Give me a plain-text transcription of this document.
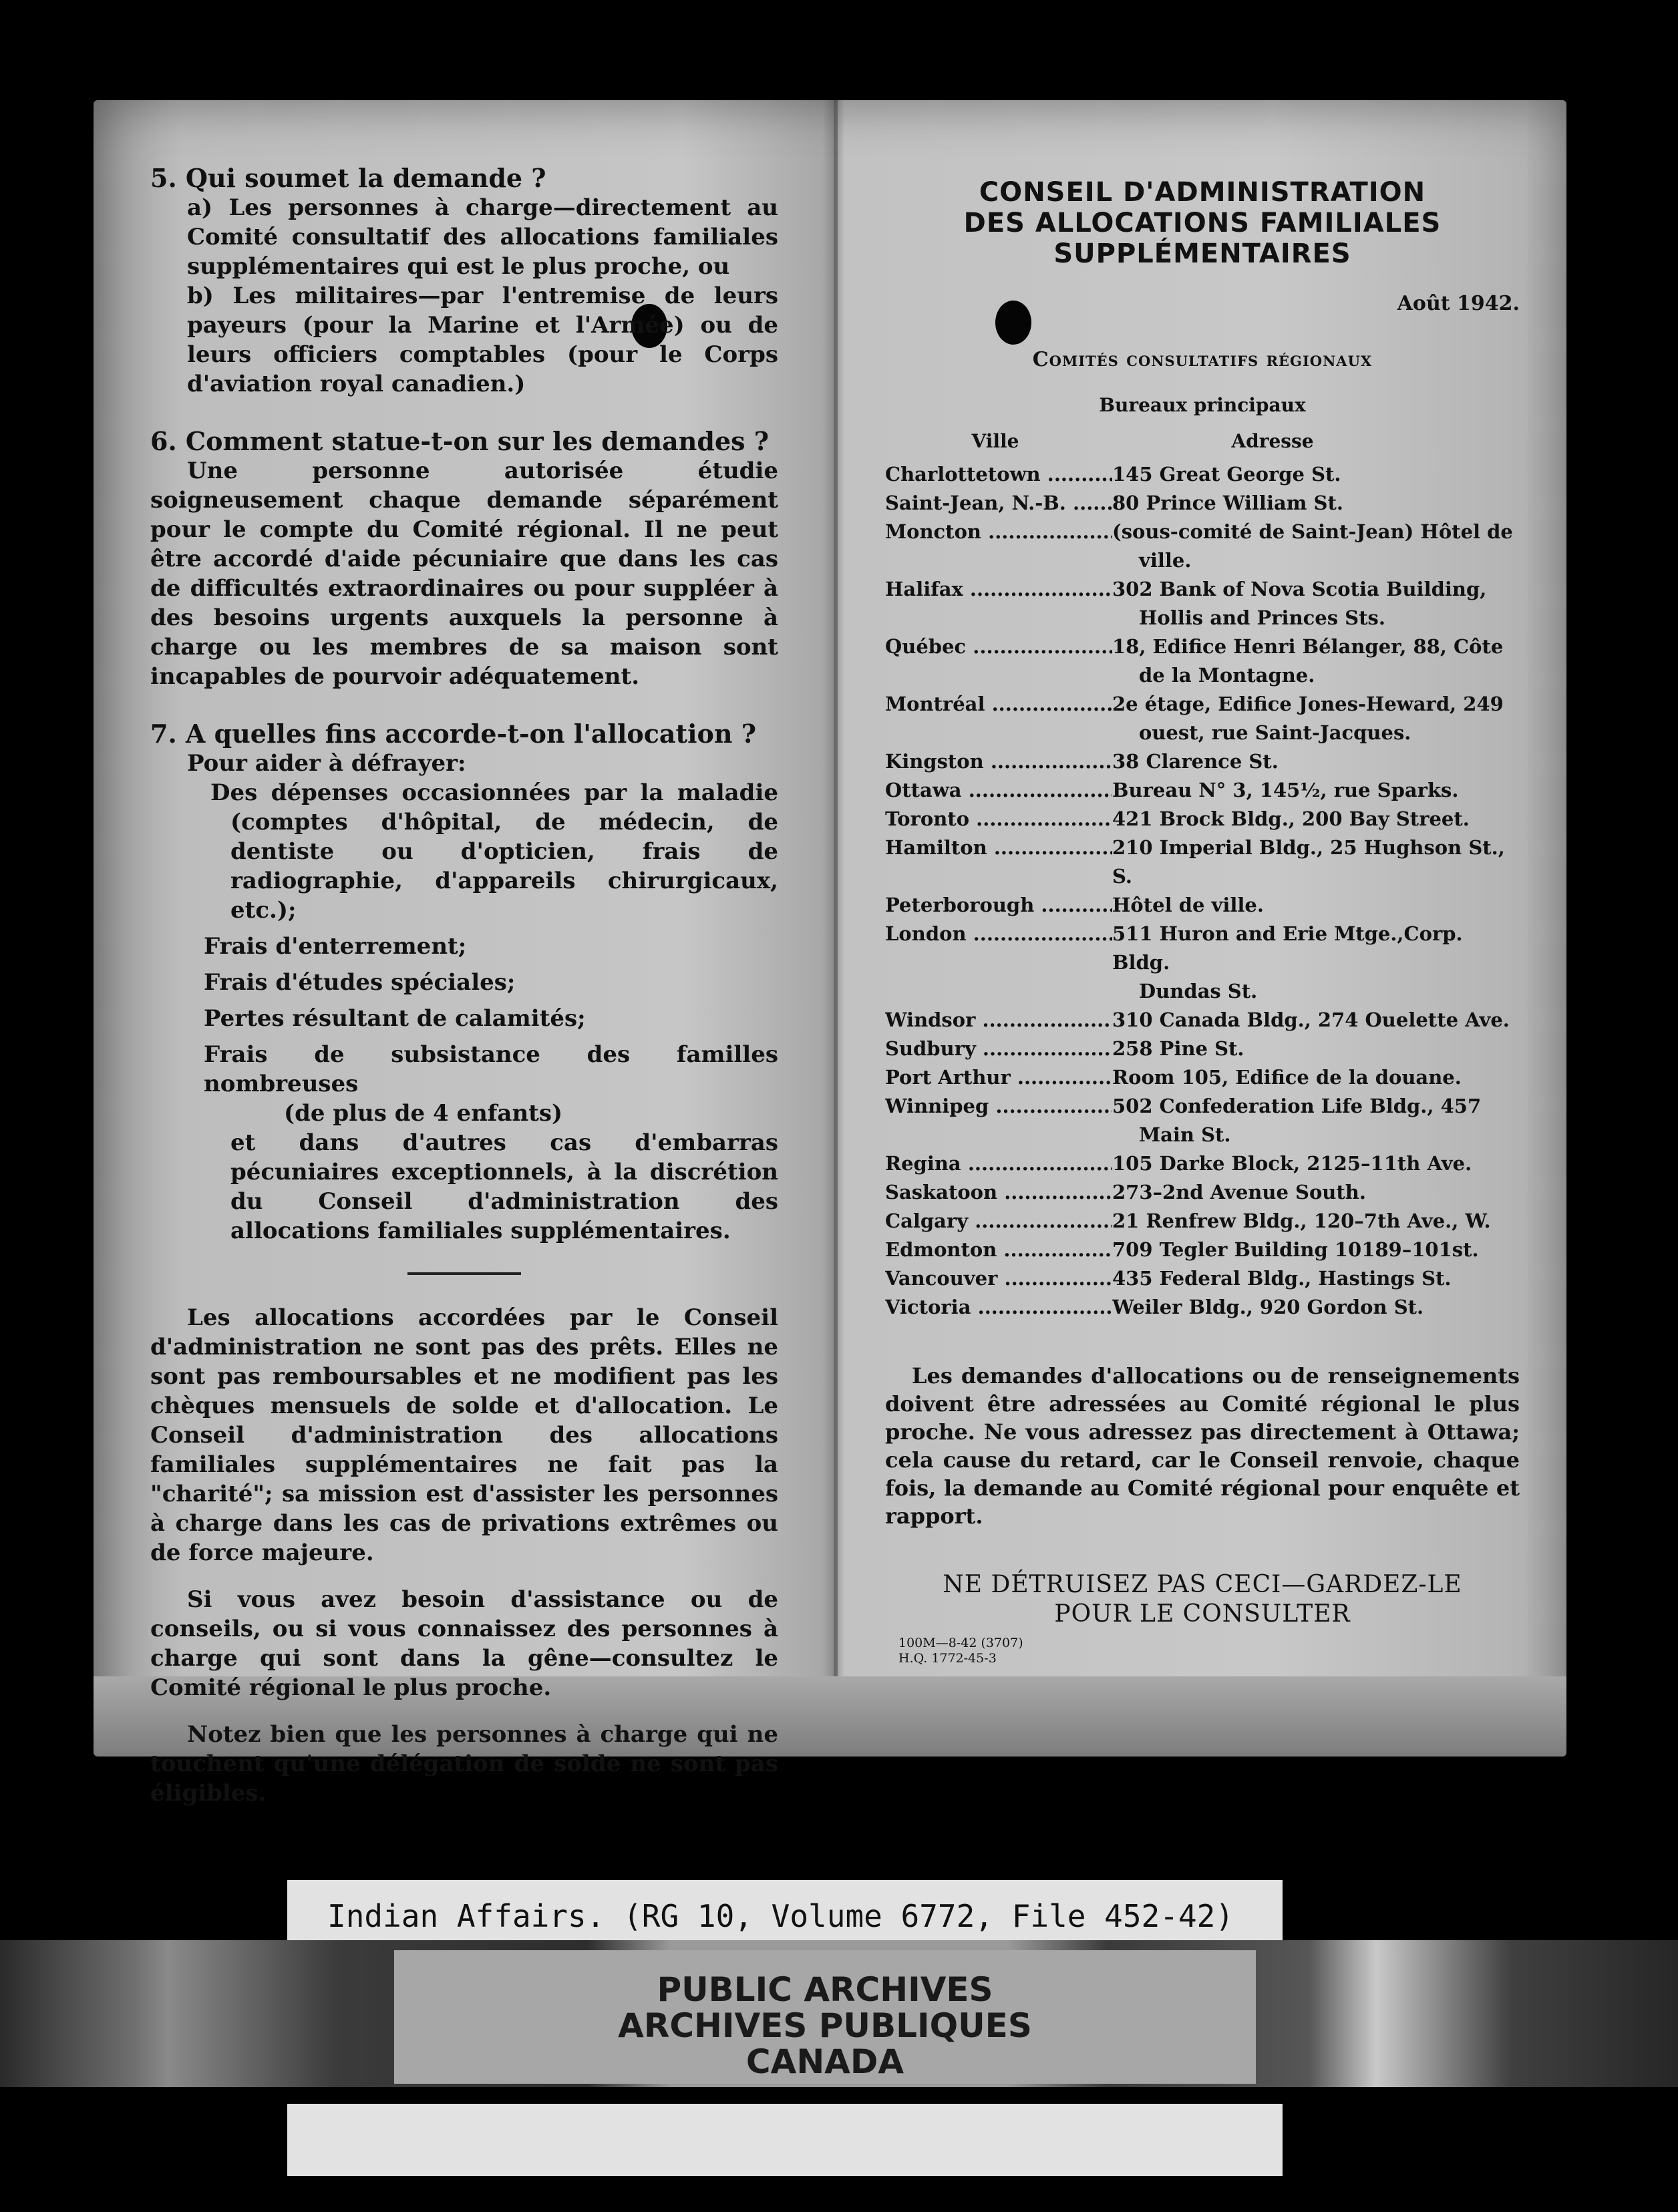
5. Qui soumet la demande ?

a) Les personnes à charge—directement au Comité consultatif des allocations familiales supplémentaires qui est le plus proche, ou

b) Les militaires—par l'entremise de leurs payeurs (pour la Marine et l'Armée) ou de leurs officiers comptables (pour le Corps d'aviation royal canadien.)

6. Comment statue-t-on sur les demandes ?

Une personne autorisée étudie soigneusement chaque demande séparément pour le compte du Comité régional. Il ne peut être accordé d'aide pécuniaire que dans les cas de difficultés extraordinaires ou pour suppléer à des besoins urgents auxquels la personne à charge ou les membres de sa maison sont incapables de pourvoir adéquatement.

7. A quelles fins accorde-t-on l'allocation ?

Pour aider à défrayer:

Des dépenses occasionnées par la maladie (comptes d'hôpital, de médecin, de dentiste ou d'opticien, frais de radiographie, d'appareils chirurgicaux, etc.);

Frais d'enterrement;

Frais d'études spéciales;

Pertes résultant de calamités;

Frais de subsistance des familles nombreuses

(de plus de 4 enfants)

et dans d'autres cas d'embarras pécuniaires exceptionnels, à la discrétion du Conseil d'administration des allocations familiales supplémentaires.

Les allocations accordées par le Conseil d'administration ne sont pas des prêts. Elles ne sont pas remboursables et ne modifient pas les chèques mensuels de solde et d'allocation. Le Conseil d'administration des allocations familiales supplémentaires ne fait pas la "charité"; sa mission est d'assister les personnes à charge dans les cas de privations extrêmes ou de force majeure.

Si vous avez besoin d'assistance ou de conseils, ou si vous connaissez des personnes à charge qui sont dans la gêne—consultez le Comité régional le plus proche.

Notez bien que les personnes à charge qui ne touchent qu'une délégation de solde ne sont pas éligibles.

CONSEIL D'ADMINISTRATION
DES ALLOCATIONS FAMILIALES
SUPPLÉMENTAIRES
Août 1942.
Comités consultatifs régionaux
Bureaux principaux
Ville	Adresse
Charlottetown .....	145 Great George St.
Saint-Jean, N.-B. .....	80 Prince William St.
Moncton .....	(sous-comité de Saint-Jean) Hôtel de
ville.
Halifax .....	302 Bank of Nova Scotia Building,
Hollis and Princes Sts.
Québec .....	18, Edifice Henri Bélanger, 88, Côte
de la Montagne.
Montréal .....	2e étage, Edifice Jones-Heward, 249
ouest, rue Saint-Jacques.
Kingston .....	38 Clarence St.
Ottawa .....	Bureau N° 3, 145½, rue Sparks.
Toronto .....	421 Brock Bldg., 200 Bay Street.
Hamilton .....	210 Imperial Bldg., 25 Hughson St., S.
Peterborough .....	Hôtel de ville.
London .....	511 Huron and Erie Mtge.,Corp. Bldg.
Dundas St.
Windsor .....	310 Canada Bldg., 274 Ouelette Ave.
Sudbury .....	258 Pine St.
Port Arthur .....	Room 105, Edifice de la douane.
Winnipeg .....	502 Confederation Life Bldg., 457
Main St.
Regina .....	105 Darke Block, 2125–11th Ave.
Saskatoon .....	273–2nd Avenue South.
Calgary .....	21 Renfrew Bldg., 120–7th Ave., W.
Edmonton .....	709 Tegler Building 10189–101st.
Vancouver .....	435 Federal Bldg., Hastings St.
Victoria .....	Weiler Bldg., 920 Gordon St.

Les demandes d'allocations ou de renseignements doivent être adressées au Comité régional le plus proche. Ne vous adressez pas directement à Ottawa; cela cause du retard, car le Conseil renvoie, chaque fois, la demande au Comité régional pour enquête et rapport.

NE DÉTRUISEZ PAS CECI—GARDEZ-LE
POUR LE CONSULTER
100M—8-42 (3707)
H.Q. 1772-45-3
Indian Affairs. (RG 10, Volume 6772, File 452-42)
PUBLIC ARCHIVES
ARCHIVES PUBLIQUES
CANADA
